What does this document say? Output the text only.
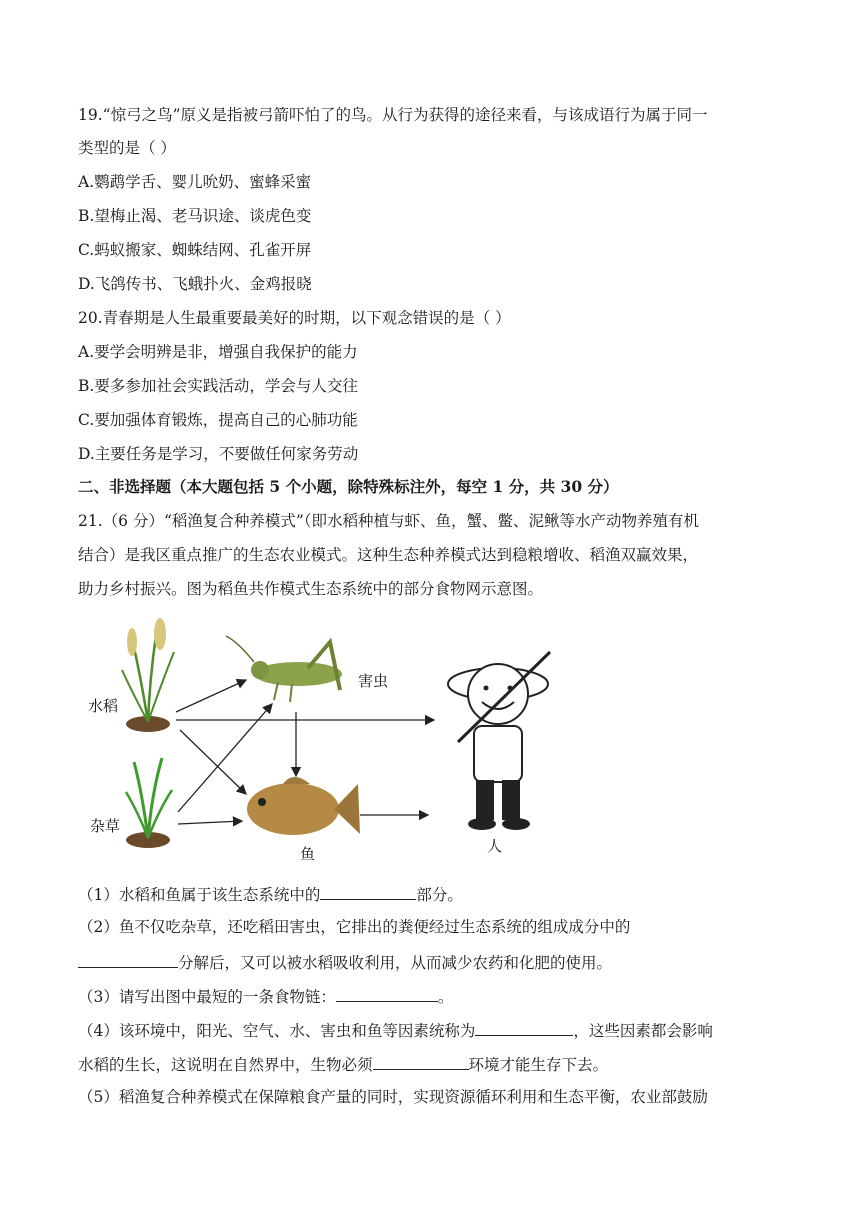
19.“惊弓之鸟”原义是指被弓箭吓怕了的鸟。从行为获得的途径来看，与该成语行为属于同一
类型的是（ ）
A.鹦鹉学舌、婴儿吮奶、蜜蜂采蜜
B.望梅止渴、老马识途、谈虎色变
C.蚂蚁搬家、蜘蛛结网、孔雀开屏
D.飞鸽传书、飞蛾扑火、金鸡报晓
20.青春期是人生最重要最美好的时期，以下观念错误的是（ ）
A.要学会明辨是非，增强自我保护的能力
B.要多参加社会实践活动，学会与人交往
C.要加强体育锻炼，提高自己的心肺功能
D.主要任务是学习，不要做任何家务劳动
二、非选择题（本大题包括 5 个小题，除特殊标注外，每空 1 分，共 30 分）
21.（6 分）“稻渔复合种养模式”（即水稻种植与虾、鱼，蟹、鳖、泥鳅等水产动物养殖有机
结合）是我区重点推广的生态农业模式。这种生态种养模式达到稳粮增收、稻渔双赢效果，
助力乡村振兴。图为稻鱼共作模式生态系统中的部分食物网示意图。
水稻
杂草
害虫
鱼	人
（1）水稻和鱼属于该生态系统中的	部分。
（2）鱼不仅吃杂草，还吃稻田害虫，它排出的粪便经过生态系统的组成成分中的
分解后，又可以被水稻吸收利用，从而减少农药和化肥的使用。
（3）请写出图中最短的一条食物链：	。
（4）该环境中，阳光、空气、水、害虫和鱼等因素统称为	，这些因素都会影响
水稻的生长，这说明在自然界中，生物必须	环境才能生存下去。
（5）稻渔复合种养模式在保障粮食产量的同时，实现资源循环利用和生态平衡，农业部鼓励
